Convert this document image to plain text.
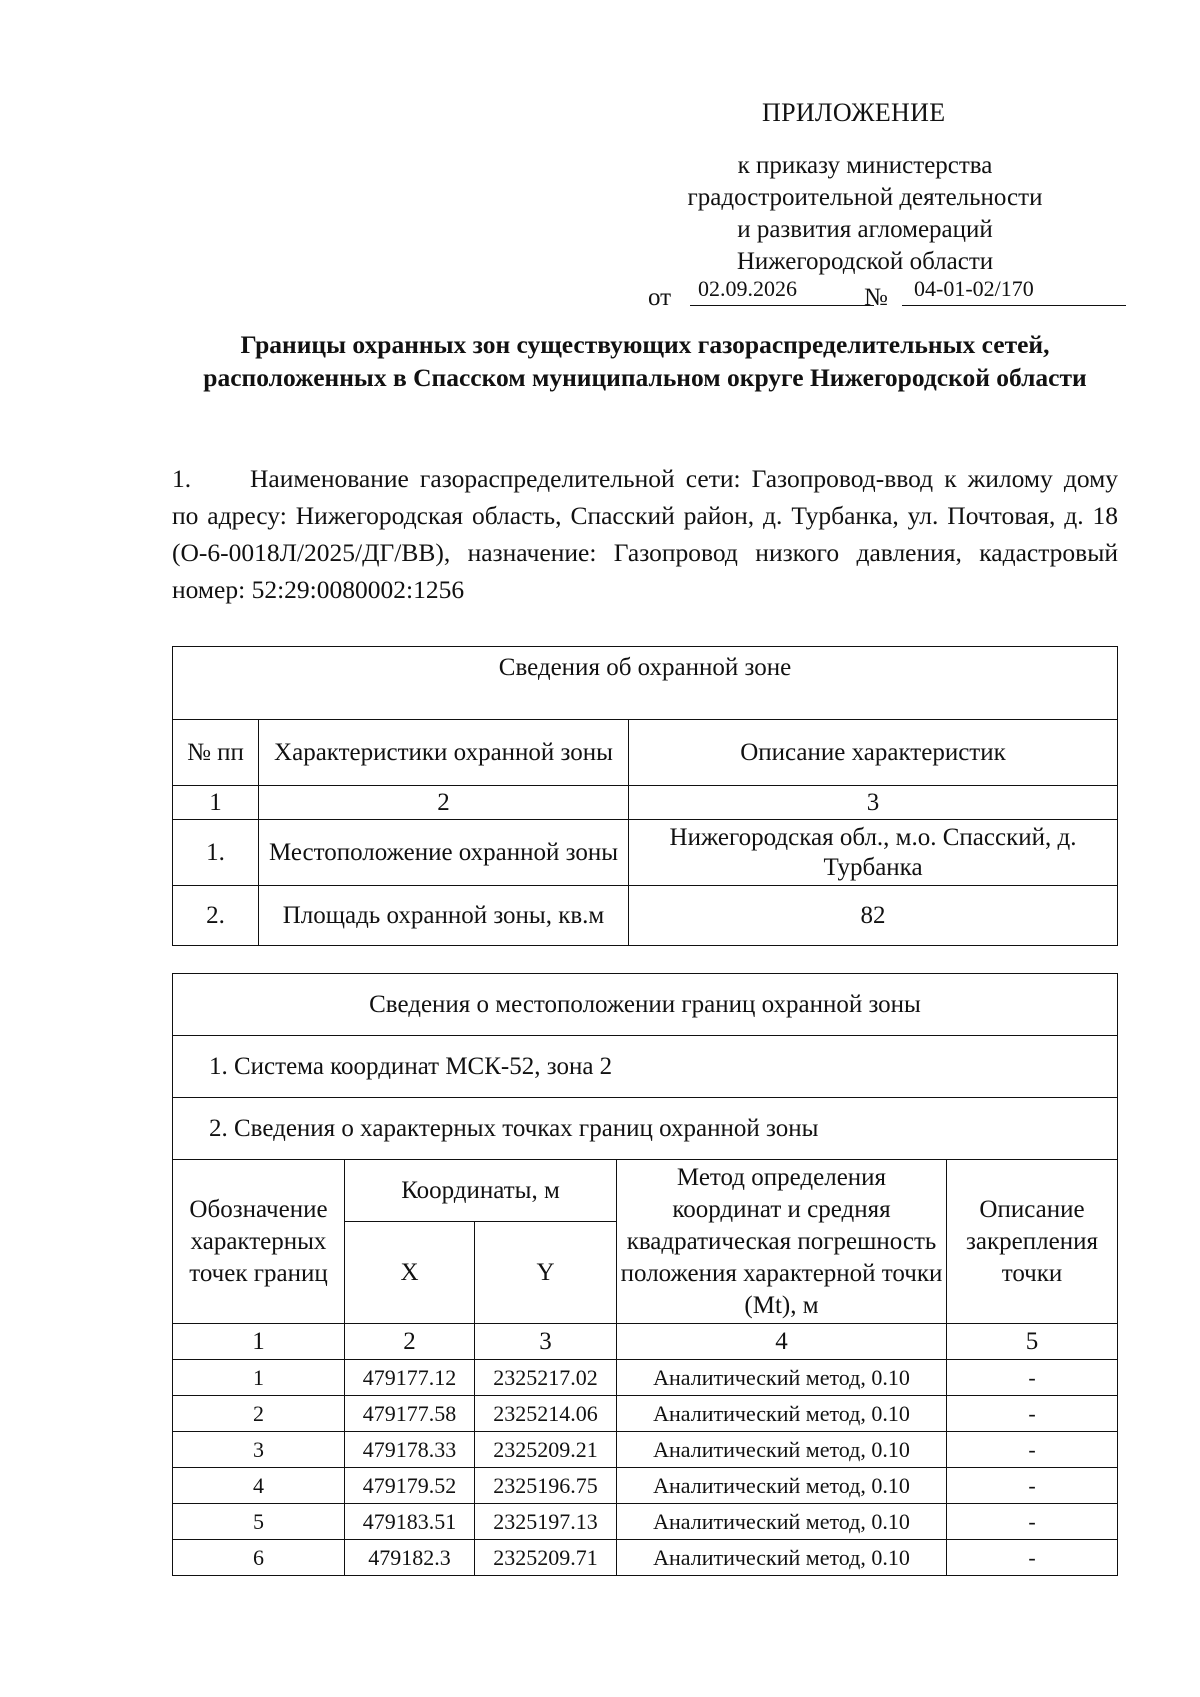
ПРИЛОЖЕНИЕ
к приказу министерства
градостроительной деятельности
и развития агломераций
Нижегородской области
от	02.09.2026	№	04-01-02/170
Границы охранных зон существующих газораспределительных сетей, расположенных в Спасском муниципальном округе Нижегородской области
1. Наименование газораспределительной сети: Газопровод-ввод к жилому дому по адресу: Нижегородская область, Спасский район, д. Турбанка, ул. Почтовая, д. 18 (О-6-0018Л/2025/ДГ/ВВ), назначение: Газопровод низкого давления, кадастровый номер: 52:29:0080002:1256
Сведения об охранной зоне		
№ пп	Характеристики охранной зоны	Описание характеристик
1	2	3
1.	Местоположение охранной зоны	Нижегородская обл., м.о. Спасский, д. Турбанка
2.	Площадь охранной зоны, кв.м	82
Сведения о местоположении границ охранной зоны				
1. Система координат МСК-52, зона 2				
2. Сведения о характерных точках границ охранной зоны				
Обозначение характерных точек границ	Координаты, м		Метод определения координат и средняя квадратическая погрешность положения характерной точки (Mt), м	Описание закрепления точки
	X	Y		
1	2	3	4	5
1	479177.12	2325217.02	Аналитический метод, 0.10	-
2	479177.58	2325214.06	Аналитический метод, 0.10	-
3	479178.33	2325209.21	Аналитический метод, 0.10	-
4	479179.52	2325196.75	Аналитический метод, 0.10	-
5	479183.51	2325197.13	Аналитический метод, 0.10	-
6	479182.3	2325209.71	Аналитический метод, 0.10	-
